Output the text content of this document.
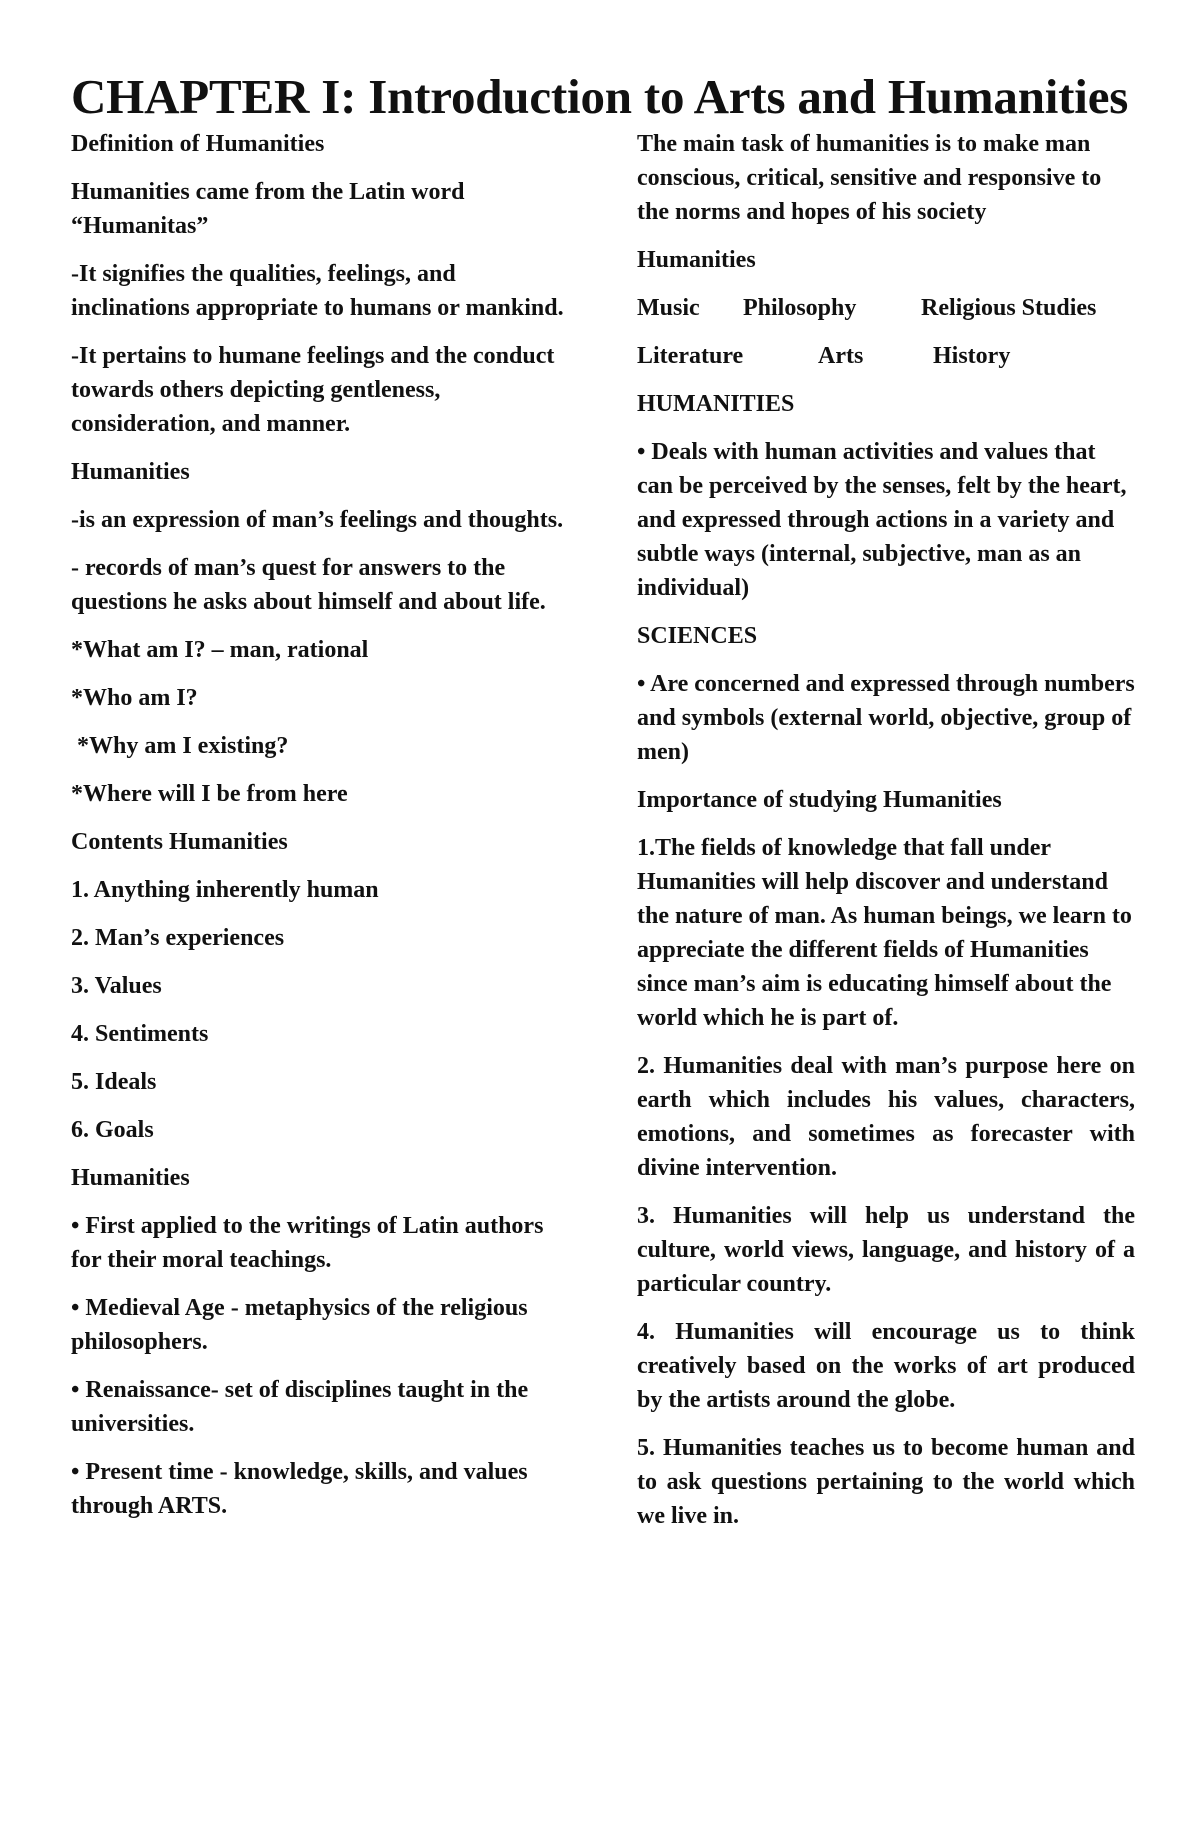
CHAPTER I: Introduction to Arts and Humanities

Definition of Humanities

Humanities came from the Latin word “Humanitas”

-It signifies the qualities, feelings, and inclinations appropriate to humans or mankind.

-It pertains to humane feelings and the conduct towards others depicting gentleness, consideration, and manner.

Humanities

-is an expression of man’s feelings and thoughts.

- records of man’s quest for answers to the questions he asks about himself and about life.

*What am I? – man, rational

*Who am I?

*Why am I existing?

*Where will I be from here

Contents Humanities

1. Anything inherently human

2. Man’s experiences

3. Values

4. Sentiments

5. Ideals

6. Goals

Humanities

• First applied to the writings of Latin authors for their moral teachings.

• Medieval Age - metaphysics of the religious philosophers.

• Renaissance- set of disciplines taught in the universities.

• Present time - knowledge, skills, and values through ARTS.

The main task of humanities is to make man conscious, critical, sensitive and responsive to the norms and hopes of his society

Humanities

Music	Philosophy	Religious Studies
Literature	Arts	History

HUMANITIES

• Deals with human activities and values that can be perceived by the senses, felt by the heart, and expressed through actions in a variety and subtle ways (internal, subjective, man as an individual)

SCIENCES

• Are concerned and expressed through numbers and symbols (external world, objective, group of men)

Importance of studying Humanities

1.The fields of knowledge that fall under Humanities will help discover and understand the nature of man. As human beings, we learn to appreciate the different fields of Humanities since man’s aim is educating himself about the world which he is part of.

2. Humanities deal with man’s purpose here on earth which includes his values, characters, emotions, and sometimes as forecaster with divine intervention.

3. Humanities will help us understand the culture, world views, language, and history of a particular country.

4. Humanities will encourage us to think creatively based on the works of art produced by the artists around the globe.

5. Humanities teaches us to become human and to ask questions pertaining to the world which we live in.
